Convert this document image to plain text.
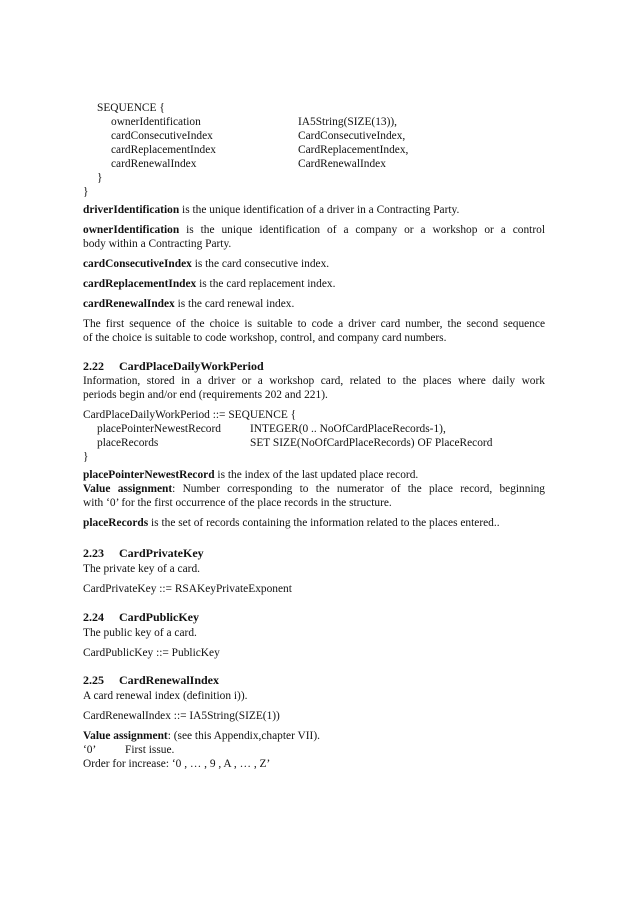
SEQUENCE {
ownerIdentification	IA5String(SIZE(13)),
cardConsecutiveIndex	CardConsecutiveIndex,
cardReplacementIndex	CardReplacementIndex,
cardRenewalIndex	CardRenewalIndex
}
}
driverIdentification is the unique identification of a driver in a Contracting Party.
ownerIdentification is the unique identification of a company or a workshop or a control
body within a Contracting Party.
cardConsecutiveIndex is the card consecutive index.
cardReplacementIndex is the card replacement index.
cardRenewalIndex is the card renewal index.
The first sequence of the choice is suitable to code a driver card number, the second sequence
of the choice is suitable to code workshop, control, and company card numbers.
2.22 CardPlaceDailyWorkPeriod
Information, stored in a driver or a workshop card, related to the places where daily work
periods begin and/or end (requirements 202 and 221).
CardPlaceDailyWorkPeriod ::= SEQUENCE {
placePointerNewestRecord	INTEGER(0 .. NoOfCardPlaceRecords-1),
placeRecords	SET SIZE(NoOfCardPlaceRecords) OF PlaceRecord
}
placePointerNewestRecord is the index of the last updated place record.
Value assignment: Number corresponding to the numerator of the place record, beginning
with ‘0’ for the first occurrence of the place records in the structure.
placeRecords is the set of records containing the information related to the places entered..
2.23 CardPrivateKey
The private key of a card.
CardPrivateKey ::= RSAKeyPrivateExponent
2.24 CardPublicKey
The public key of a card.
CardPublicKey ::= PublicKey
2.25 CardRenewalIndex
A card renewal index (definition i)).
CardRenewalIndex ::= IA5String(SIZE(1))
Value assignment: (see this Appendix,chapter VII).
‘0’	First issue.
Order for increase: ‘0 , … , 9 , A , … , Z’
